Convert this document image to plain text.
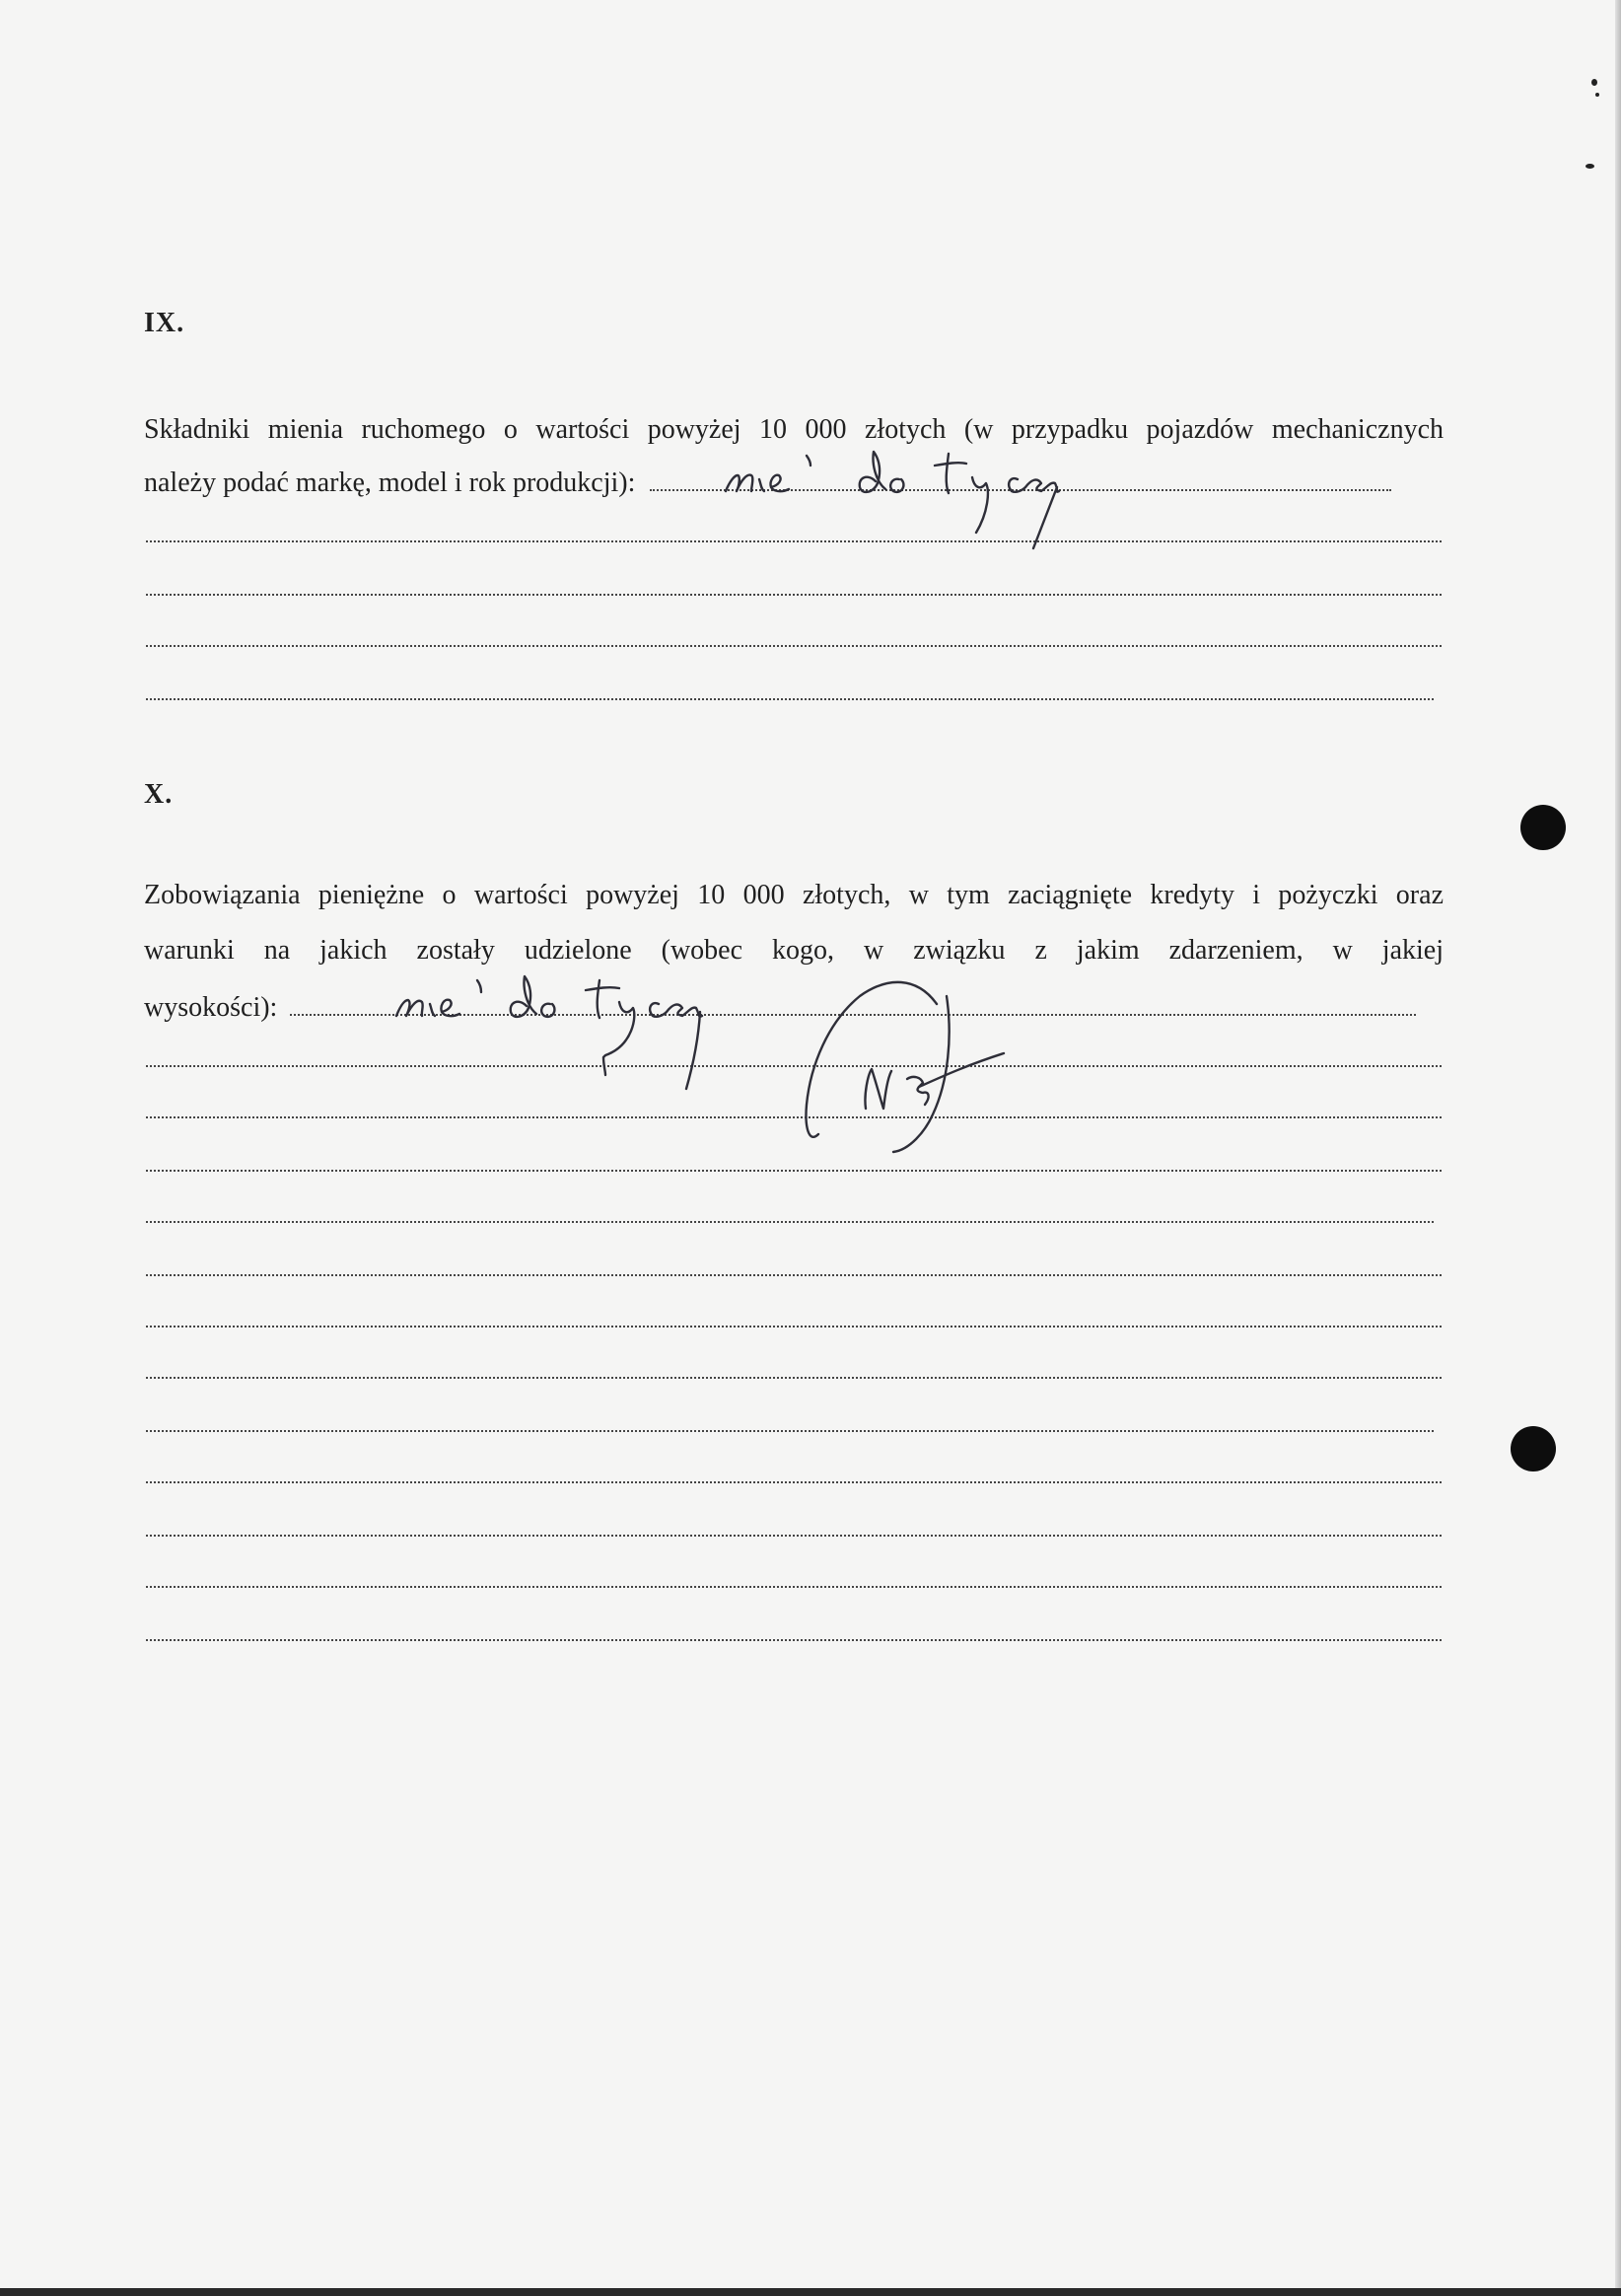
IX.
Składniki mienia ruchomego o wartości powyżej 10 000 złotych (w przypadku pojazdów mechanicznych
należy podać markę, model i rok produkcji):
X.
Zobowiązania pieniężne o wartości powyżej 10 000 złotych, w tym zaciągnięte kredyty i pożyczki oraz
warunki na jakich zostały udzielone (wobec kogo, w związku z jakim zdarzeniem, w jakiej
wysokości):
